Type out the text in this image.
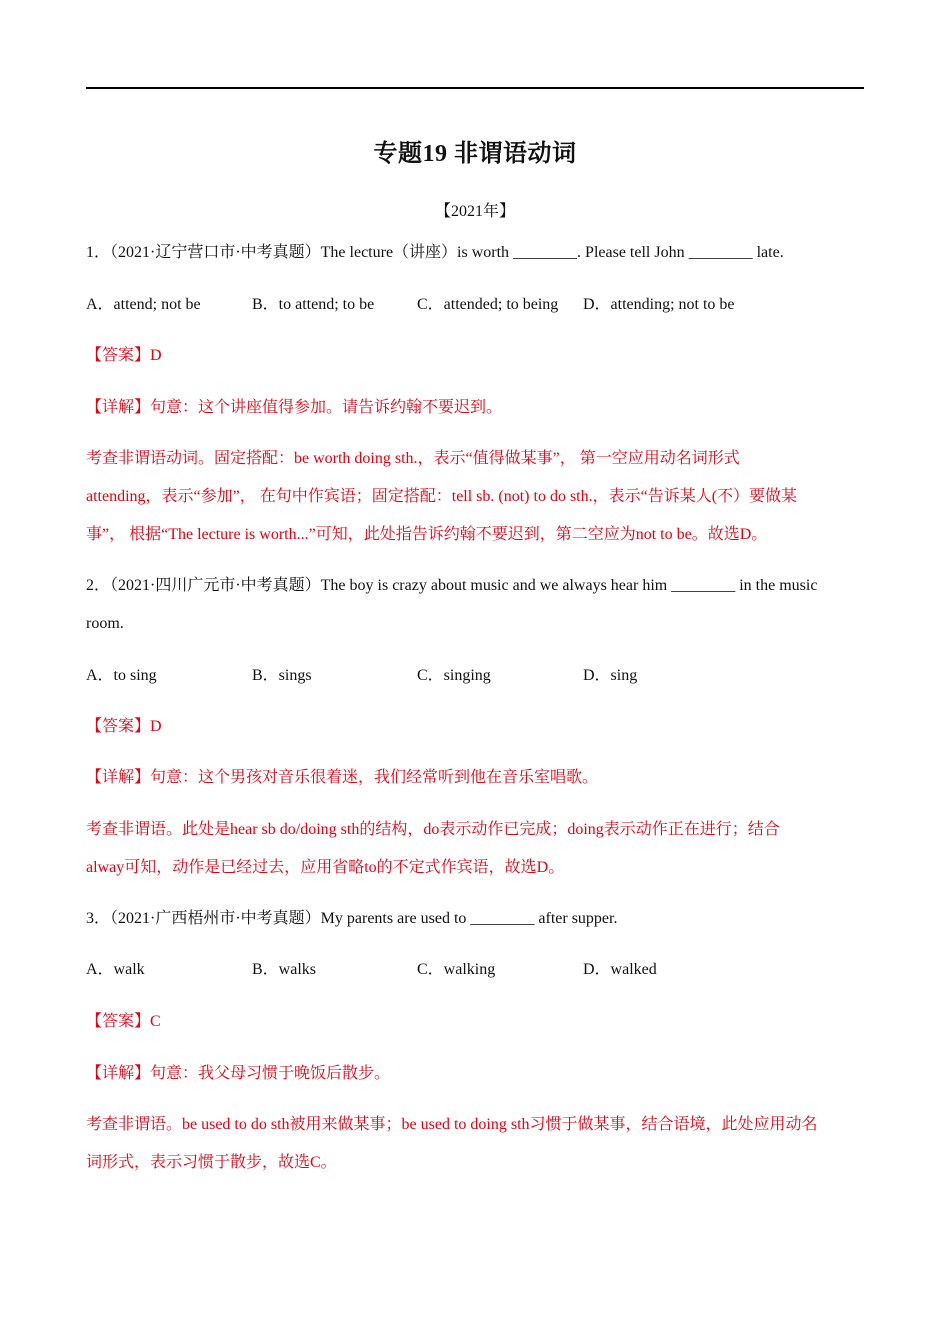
专题19 非谓语动词
【2021年】
1．（2021·辽宁营口市·中考真题）The lecture（讲座）is worth ________. Please tell John ________ late.
A．attend; not be	B．to attend; to be	C．attended; to being D．attending; not to be
【答案】D
【详解】句意：这个讲座值得参加。请告诉约翰不要迟到。
考查非谓语动词。固定搭配：be worth doing sth.，表示“值得做某事”， 第一空应用动名词形式
attending，表示“参加”， 在句中作宾语；固定搭配：tell sb. (not) to do sth.，表示“告诉某人(不）要做某
事”， 根据“The lecture is worth...”可知，此处指告诉约翰不要迟到，第二空应为not to be。故选D。
2．（2021·四川广元市·中考真题）The boy is crazy about music and we always hear him ________ in the music
room.
A．to sing	B．sings	C．singing	D．sing
【答案】D
【详解】句意：这个男孩对音乐很着迷，我们经常听到他在音乐室唱歌。
考查非谓语。此处是hear sb do/doing sth的结构，do表示动作已完成；doing表示动作正在进行；结合
alway可知，动作是已经过去，应用省略to的不定式作宾语，故选D。
3．（2021·广西梧州市·中考真题）My parents are used to ________ after supper.
A．walk	B．walks	C．walking	D．walked
【答案】C
【详解】句意：我父母习惯于晚饭后散步。
考查非谓语。be used to do sth被用来做某事；be used to doing sth习惯于做某事，结合语境，此处应用动名
词形式，表示习惯于散步，故选C。
